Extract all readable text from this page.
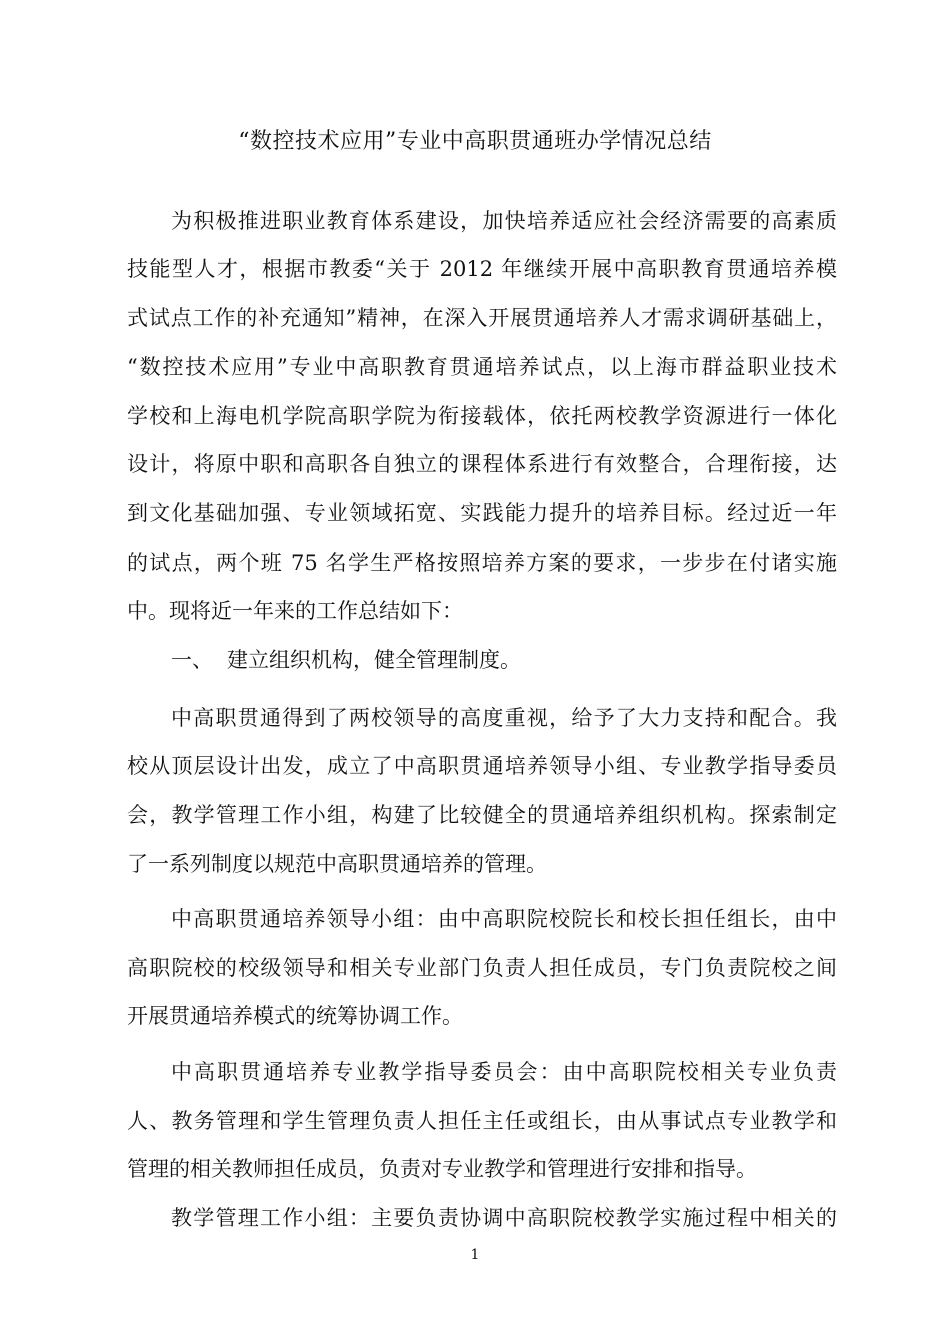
“数控技术应用”专业中高职贯通班办学情况总结
为积极推进职业教育体系建设，加快培养适应社会经济需要的高素质
技能型人才，根据市教委“关于 2012 年继续开展中高职教育贯通培养模
式试点工作的补充通知”精神，在深入开展贯通培养人才需求调研基础上，
“数控技术应用”专业中高职教育贯通培养试点，以上海市群益职业技术
学校和上海电机学院高职学院为衔接载体，依托两校教学资源进行一体化
设计，将原中职和高职各自独立的课程体系进行有效整合，合理衔接，达
到文化基础加强、专业领域拓宽、实践能力提升的培养目标。经过近一年
的试点，两个班 75 名学生严格按照培养方案的要求，一步步在付诸实施
中。现将近一年来的工作总结如下：
一、 建立组织机构，健全管理制度。
中高职贯通得到了两校领导的高度重视，给予了大力支持和配合。我
校从顶层设计出发，成立了中高职贯通培养领导小组、专业教学指导委员
会，教学管理工作小组，构建了比较健全的贯通培养组织机构。探索制定
了一系列制度以规范中高职贯通培养的管理。
中高职贯通培养领导小组：由中高职院校院长和校长担任组长，由中
高职院校的校级领导和相关专业部门负责人担任成员，专门负责院校之间
开展贯通培养模式的统筹协调工作。
中高职贯通培养专业教学指导委员会：由中高职院校相关专业负责
人、教务管理和学生管理负责人担任主任或组长，由从事试点专业教学和
管理的相关教师担任成员，负责对专业教学和管理进行安排和指导。
教学管理工作小组：主要负责协调中高职院校教学实施过程中相关的
1
